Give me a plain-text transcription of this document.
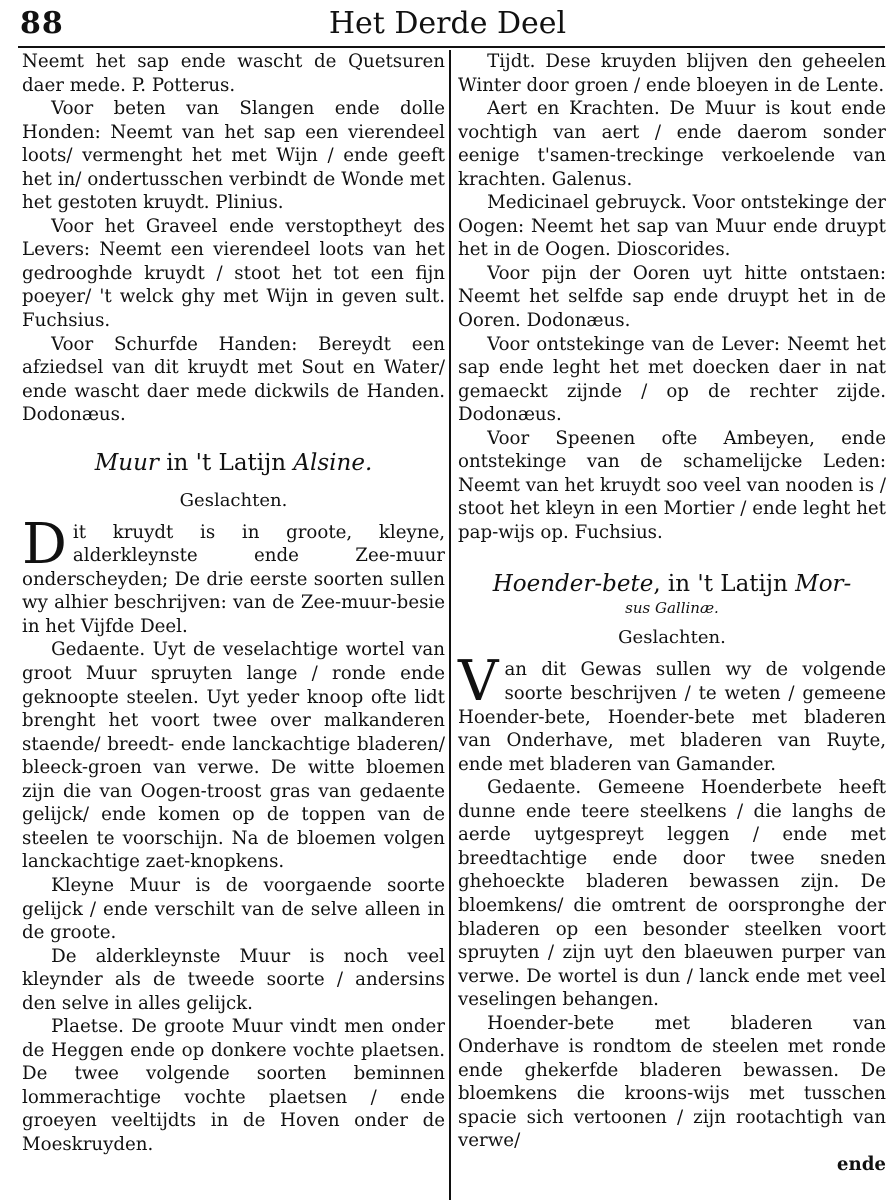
88	Het Derde Deel

Neemt het sap ende wascht de Quetsuren daer mede. P. Potterus.

Voor beten van Slangen ende dolle Honden: Neemt van het sap een vierendeel loots/ vermenght het met Wijn / ende geeft het in/ ondertusschen verbindt de Wonde met het gestoten kruydt. Plinius.

Voor het Graveel ende verstoptheyt des Levers: Neemt een vierendeel loots van het gedrooghde kruydt / stoot het tot een fijn poeyer/ 't welck ghy met Wijn in geven sult. Fuchsius.

Voor Schurfde Handen: Bereydt een afziedsel van dit kruydt met Sout en Water/ ende wascht daer mede dickwils de Handen. Dodonæus.

Muur in 't Latijn Alsine.

Geslachten.

Dit kruydt is in groote, kleyne, alderkleynste ende Zee-muur onderscheyden; De drie eerste soorten sullen wy alhier beschrijven: van de Zee-muur-besie in het Vijfde Deel.

Gedaente. Uyt de veselachtige wortel van groot Muur spruyten lange / ronde ende geknoopte steelen. Uyt yeder knoop ofte lidt brenght het voort twee over malkanderen staende/ breedt- ende lanckachtige bladeren/ bleeck-groen van verwe. De witte bloemen zijn die van Oogen-troost gras van gedaente gelijck/ ende komen op de toppen van de steelen te voorschijn. Na de bloemen volgen lanckachtige zaet-knopkens.

Kleyne Muur is de voorgaende soorte gelijck / ende verschilt van de selve alleen in de groote.

De alderkleynste Muur is noch veel kleynder als de tweede soorte / andersins den selve in alles gelijck.

Plaetse. De groote Muur vindt men onder de Heggen ende op donkere vochte plaetsen. De twee volgende soorten beminnen lommerachtige vochte plaetsen / ende groeyen veeltijdts in de Hoven onder de Moeskruyden.

Tijdt. Dese kruyden blijven den geheelen Winter door groen / ende bloeyen in de Lente.

Aert en Krachten. De Muur is kout ende vochtigh van aert / ende daerom sonder eenige t'samen-treckinge verkoelende van krachten. Galenus.

Medicinael gebruyck. Voor ontstekinge der Oogen: Neemt het sap van Muur ende druypt het in de Oogen. Dioscorides.

Voor pijn der Ooren uyt hitte ontstaen: Neemt het selfde sap ende druypt het in de Ooren. Dodonæus.

Voor ontstekinge van de Lever: Neemt het sap ende leght het met doecken daer in nat gemaeckt zijnde / op de rechter zijde. Dodonæus.

Voor Speenen ofte Ambeyen, ende ontstekinge van de schamelijcke Leden: Neemt van het kruydt soo veel van nooden is / stoot het kleyn in een Mortier / ende leght het pap-wijs op. Fuchsius.

Hoender-bete, in 't Latijn Mor-

sus Gallinæ.

Geslachten.

Van dit Gewas sullen wy de volgende soorte beschrijven / te weten / gemeene Hoender-bete, Hoender-bete met bladeren van Onderhave, met bladeren van Ruyte, ende met bladeren van Gamander.

Gedaente. Gemeene Hoenderbete heeft dunne ende teere steelkens / die langhs de aerde uytgespreyt leggen / ende met breedtachtige ende door twee sneden ghehoeckte bladeren bewassen zijn. De bloemkens/ die omtrent de oorspronghe der bladeren op een besonder steelken voort spruyten / zijn uyt den blaeuwen purper van verwe. De wortel is dun / lanck ende met veel veselingen behangen.

Hoender-bete met bladeren van Onderhave is rondtom de steelen met ronde ende ghekerfde bladeren bewassen. De bloemkens die kroons-wijs met tusschen spacie sich vertoonen / zijn rootachtigh van verwe/

ende
